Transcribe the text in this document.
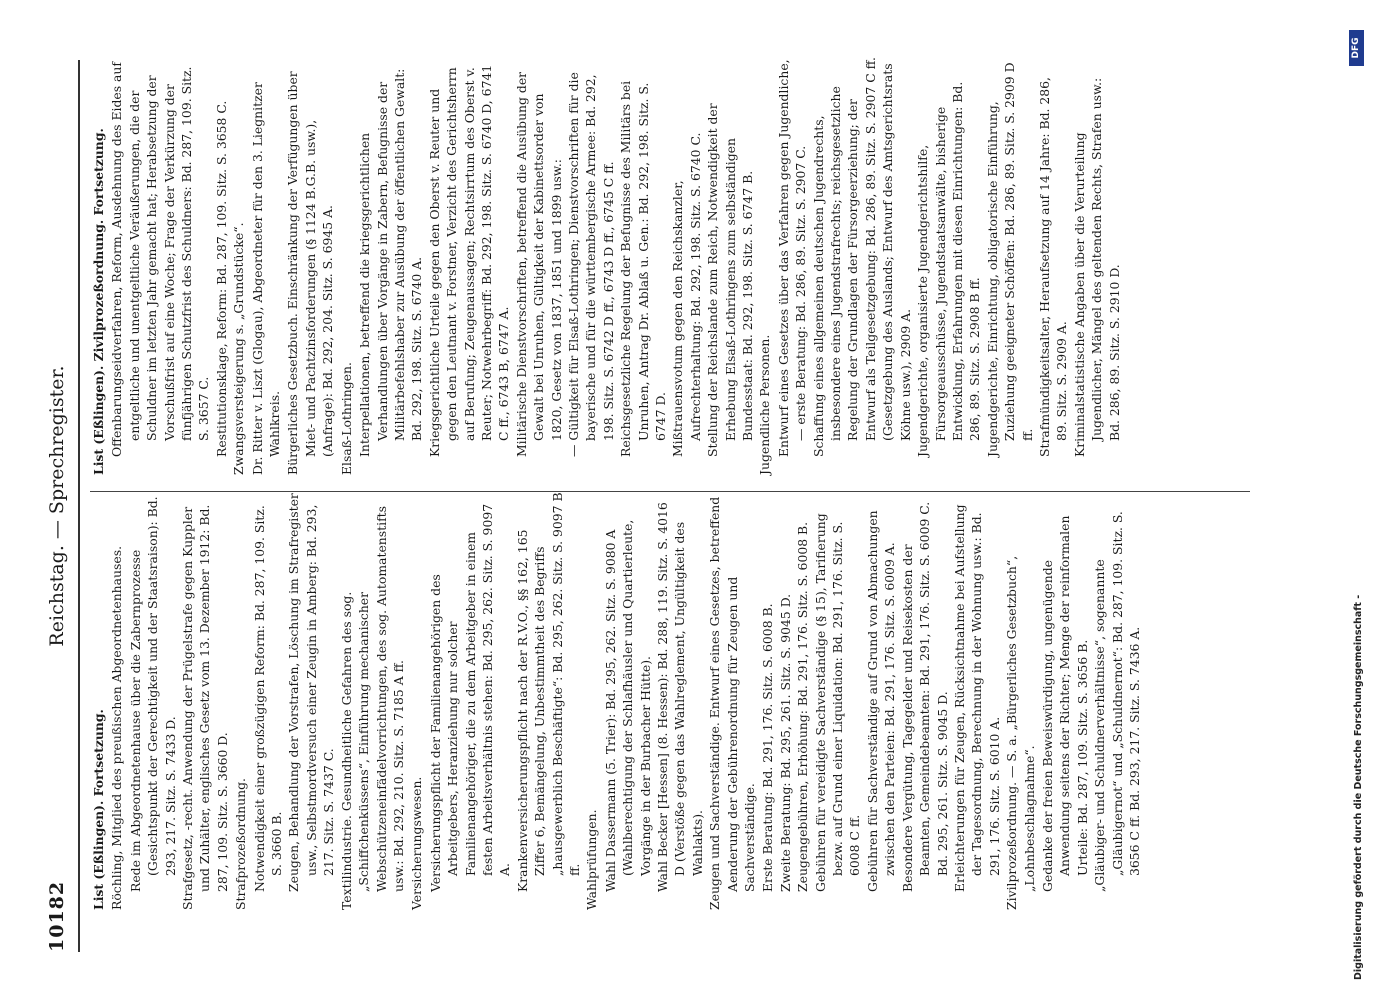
10182
Reichstag. — Sprechregister.

List (Eßlingen). Fortsetzung. Röchling, Mitglied des preußischen Abgeordnetenhauses. Rede im Abgeordnetenhause über die Zabernprozesse (Gesichtspunkt der Gerechtigkeit und der Staatsraison): Bd. 293, 217. Sitz. S. 7433 D. Strafgesetz, -recht. Anwendung der Prügelstrafe gegen Kuppler und Zuhälter, englisches Gesetz vom 13. Dezember 1912: Bd. 287, 109. Sitz. S. 3660 D. Strafprozeßordnung. Notwendigkeit einer großzügigen Reform: Bd. 287, 109. Sitz. S. 3660 B. Zeugen, Behandlung der Vorstrafen, Löschung im Strafregister usw., Selbstmordversuch einer Zeugin in Amberg: Bd. 293, 217. Sitz. S. 7437 C. Textilindustrie. Gesundheitliche Gefahren des sog. „Schiffchenküssens“, Einführung mechanischer Webschützeneinfädelvorrichtungen, des sog. Automatenstifts usw.: Bd. 292, 210. Sitz. S. 7185 A ff. Versicherungswesen. Versicherungspflicht der Familienangehörigen des Arbeitgebers, Heranziehung nur solcher Familienangehöriger, die zu dem Arbeitgeber in einem festen Arbeitsverhältnis stehen: Bd. 295, 262. Sitz. S. 9097 A. Krankenversicherungspflicht nach der R.V.O., §§ 162, 165 Ziffer 6, Bemängelung, Unbestimmtheit des Begriffs „hausgewerblich Beschäftigte“: Bd. 295, 262. Sitz. S. 9097 B ff. Wahlprüfungen. Wahl Dassermann (5. Trier): Bd. 295, 262. Sitz. S. 9080 A (Wahlberechtigung der Schlafhäusler und Quartierleute, Vorgänge in der Burbacher Hütte). Wahl Becker [Hessen] (8. Hessen): Bd. 288, 119. Sitz. S. 4016 D (Verstöße gegen das Wahlreglement, Ungültigkeit des Wahlakts). Zeugen und Sachverständige. Entwurf eines Gesetzes, betreffend Aenderung der Gebührenordnung für Zeugen und Sachverständige. Erste Beratung: Bd. 291, 176. Sitz. S. 6008 B. Zweite Beratung: Bd. 295, 261. Sitz. S. 9045 D. Zeugengebühren, Erhöhung: Bd. 291, 176. Sitz. S. 6008 B. Gebühren für vereidigte Sachverständige (§ 15), Tarifierung bezw. auf Grund einer Liquidation: Bd. 291, 176. Sitz. S. 6008 C ff. Gebühren für Sachverständige auf Grund von Abmachungen zwischen den Parteien: Bd. 291, 176. Sitz. S. 6009 A. Besondere Vergütung, Tagegelder und Reisekosten der Beamten, Gemeindebeamten: Bd. 291, 176. Sitz. S. 6009 C. Bd. 295, 261. Sitz. S. 9045 D. Erleichterungen für Zeugen, Rücksichtnahme bei Aufstellung der Tagesordnung, Berechnung in der Wohnung usw.: Bd. 291, 176. Sitz. S. 6010 A. Zivilprozeßordnung. — S. a. „Bürgerliches Gesetzbuch“, „Lohnbeschlagnahme“. Gedanke der freien Beweiswürdigung, ungenügende Anwendung seitens der Richter; Menge der reinformalen Urteile: Bd. 287, 109. Sitz. S. 3656 B. „Gläubiger- und Schuldnerverhältnisse“, sogenannte „Gläubigernot“ und „Schuldnernot“: Bd. 287, 109. Sitz. S. 3656 C ff. Bd. 293, 217. Sitz. S. 7436 A.

List (Eßlingen). Zivilprozeßordnung. Fortsetzung. Offenbarungseidverfahren, Reform, Ausdehnung des Eides auf entgeltliche und unentgeltliche Veräußerungen, die der Schuldner im letzten Jahr gemacht hat; Herabsetzung der Vorschußfrist auf eine Woche; Frage der Verkürzung der fünfjährigen Schutzfrist des Schuldners: Bd. 287, 109. Sitz. S. 3657 C. Restitutionsklage, Reform: Bd. 287, 109. Sitz. S. 3658 C. Zwangsversteigerung s. „Grundstücke“. Dr. Ritter v. Liszt (Glogau), Abgeordneter für den 3. Liegnitzer Wahlkreis. Bürgerliches Gesetzbuch. Einschränkung der Verfügungen über Miet- und Pachtzinsforderungen (§ 1124 B.G.B. usw.), (Anfrage): Bd. 292, 204. Sitz. S. 6945 A. Elsaß-Lothringen. Interpellationen, betreffend die kriegsgerichtlichen Verhandlungen über Vorgänge in Zabern, Befugnisse der Militärbefehlshaber zur Ausübung der öffentlichen Gewalt: Bd. 292, 198. Sitz. S. 6740 A. Kriegsgerichtliche Urteile gegen den Oberst v. Reuter und gegen den Leutnant v. Forstner, Verzicht des Gerichtsherrn auf Berufung; Zeugenaussagen; Rechtsirrtum des Oberst v. Reuter; Notwehrbegriff: Bd. 292, 198. Sitz. S. 6740 D, 6741 C ff., 6743 B, 6747 A. Militärische Dienstvorschriften, betreffend die Ausübung der Gewalt bei Unruhen, Gültigkeit der Kabinettsorder von 1820, Gesetz von 1837, 1851 und 1899 usw.: — Gültigkeit für Elsaß-Lothringen; Dienstvorschriften für die bayerische und für die württembergische Armee: Bd. 292, 198. Sitz. S. 6742 D ff., 6743 D ff., 6745 C ff. Reichsgesetzliche Regelung der Befugnisse des Militärs bei Unruhen, Antrag Dr. Ablaß u. Gen.: Bd. 292, 198. Sitz. S. 6747 D. Mißtrauensvotum gegen den Reichskanzler, Aufrechterhaltung: Bd. 292, 198. Sitz. S. 6740 C. Stellung der Reichslande zum Reich, Notwendigkeit der Erhebung Elsaß-Lothringens zum selbständigen Bundesstaat: Bd. 292, 198. Sitz. S. 6747 B. Jugendliche Personen. Entwurf eines Gesetzes über das Verfahren gegen Jugendliche, — erste Beratung: Bd. 286, 89. Sitz. S. 2907 C. Schaffung eines allgemeinen deutschen Jugendrechts, insbesondere eines Jugendstrafrechts; reichsgesetzliche Regelung der Grundlagen der Fürsorgeerziehung; der Entwurf als Teilgesetzgebung: Bd. 286, 89. Sitz. S. 2907 C ff. (Gesetzgebung des Auslands; Entwurf des Amtsgerichtsrats Köhne usw.), 2909 A. Jugendgerichte, organisierte Jugendgerichtshilfe, Fürsorgeausschüsse, Jugendstaatsanwälte, bisherige Entwicklung, Erfahrungen mit diesen Einrichtungen: Bd. 286, 89. Sitz. S. 2908 B ff. Jugendgerichte, Einrichtung, obligatorische Einführung, Zuziehung geeigneter Schöffen: Bd. 286, 89. Sitz. S. 2909 D ff. Strafmündigkeitsalter, Heraufsetzung auf 14 Jahre: Bd. 286, 89. Sitz. S. 2909 A. Kriminalstatistische Angaben über die Verurteilung Jugendlicher, Mängel des geltenden Rechts, Strafen usw.: Bd. 286, 89. Sitz. S. 2910 D.

Digitalisierung gefördert durch die Deutsche Forschungsgemeinschaft -
DFG
